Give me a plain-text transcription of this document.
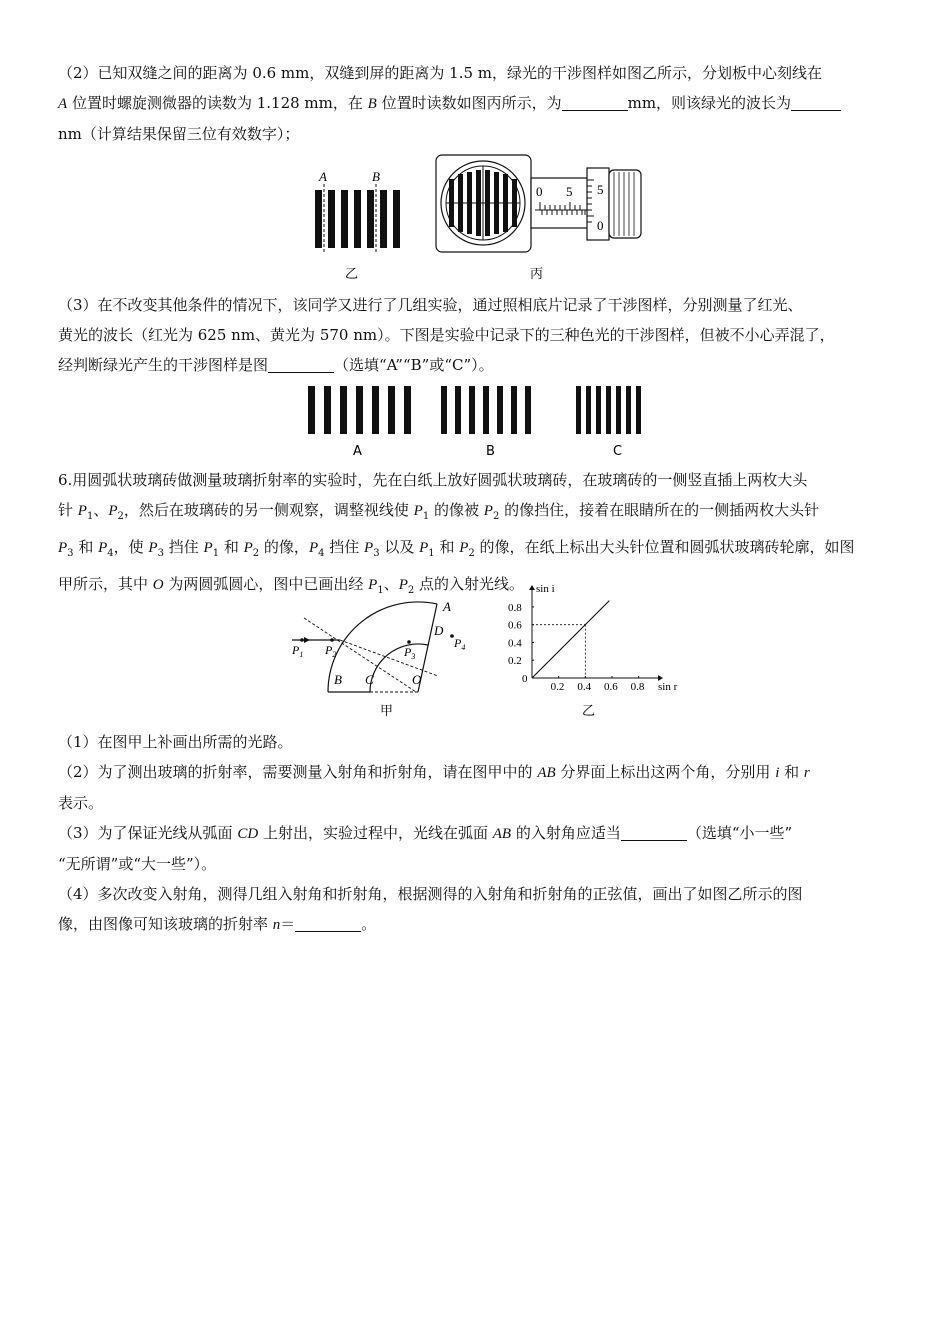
（2）已知双缝之间的距离为 0.6 mm，双缝到屏的距离为 1.5 m，绿光的干涉图样如图乙所示，分划板中心刻线在
A 位置时螺旋测微器的读数为 1.128 mm，在 B 位置时读数如图丙所示，为	mm，则该绿光的波长为
nm（计算结果保留三位有效数字）；
A	B
乙
0 5 5
0
丙
（3）在不改变其他条件的情况下，该同学又进行了几组实验，通过照相底片记录了干涉图样，分别测量了红光、
黄光的波长（红光为 625 nm、黄光为 570 nm）。下图是实验中记录下的三种色光的干涉图样，但被不小心弄混了，
经判断绿光产生的干涉图样是图	（选填“A”“B”或“C”）。
A	B	C
6.用圆弧状玻璃砖做测量玻璃折射率的实验时，先在白纸上放好圆弧状玻璃砖，在玻璃砖的一侧竖直插上两枚大头
针 $P_1$、$P_2$，然后在玻璃砖的另一侧观察，调整视线使 $P_1$ 的像被 $P_2$ 的像挡住，接着在眼睛所在的一侧插两枚大头针
$P_3$ 和 $P_4$，使 $P_3$ 挡住 $P_1$ 和 $P_2$ 的像，$P_4$ 挡住 $P_3$ 以及 $P_1$ 和 $P_2$ 的像，在纸上标出大头针位置和圆弧状玻璃砖轮廓，如图
甲所示，其中 O 为两圆弧圆心，图中已画出经 $P_1$、$P_2$ 点的入射光线。
A
B C
D
O
$P_1$ $P_2$	$P_3$
$P_4$
甲
0.2 0.4 0.6 0.8
0.2
0.4
0.6
0.8
0
sin r
sin i
乙
（1）在图甲上补画出所需的光路。
（2）为了测出玻璃的折射率，需要测量入射角和折射角，请在图甲中的 AB 分界面上标出这两个角，分别用 i 和 r
表示。
（3）为了保证光线从弧面 CD 上射出，实验过程中，光线在弧面 AB 的入射角应适当	（选填“小一些”
“无所谓”或“大一些”）。
（4）多次改变入射角，测得几组入射角和折射角，根据测得的入射角和折射角的正弦值，画出了如图乙所示的图
像，由图像可知该玻璃的折射率 n＝	。
